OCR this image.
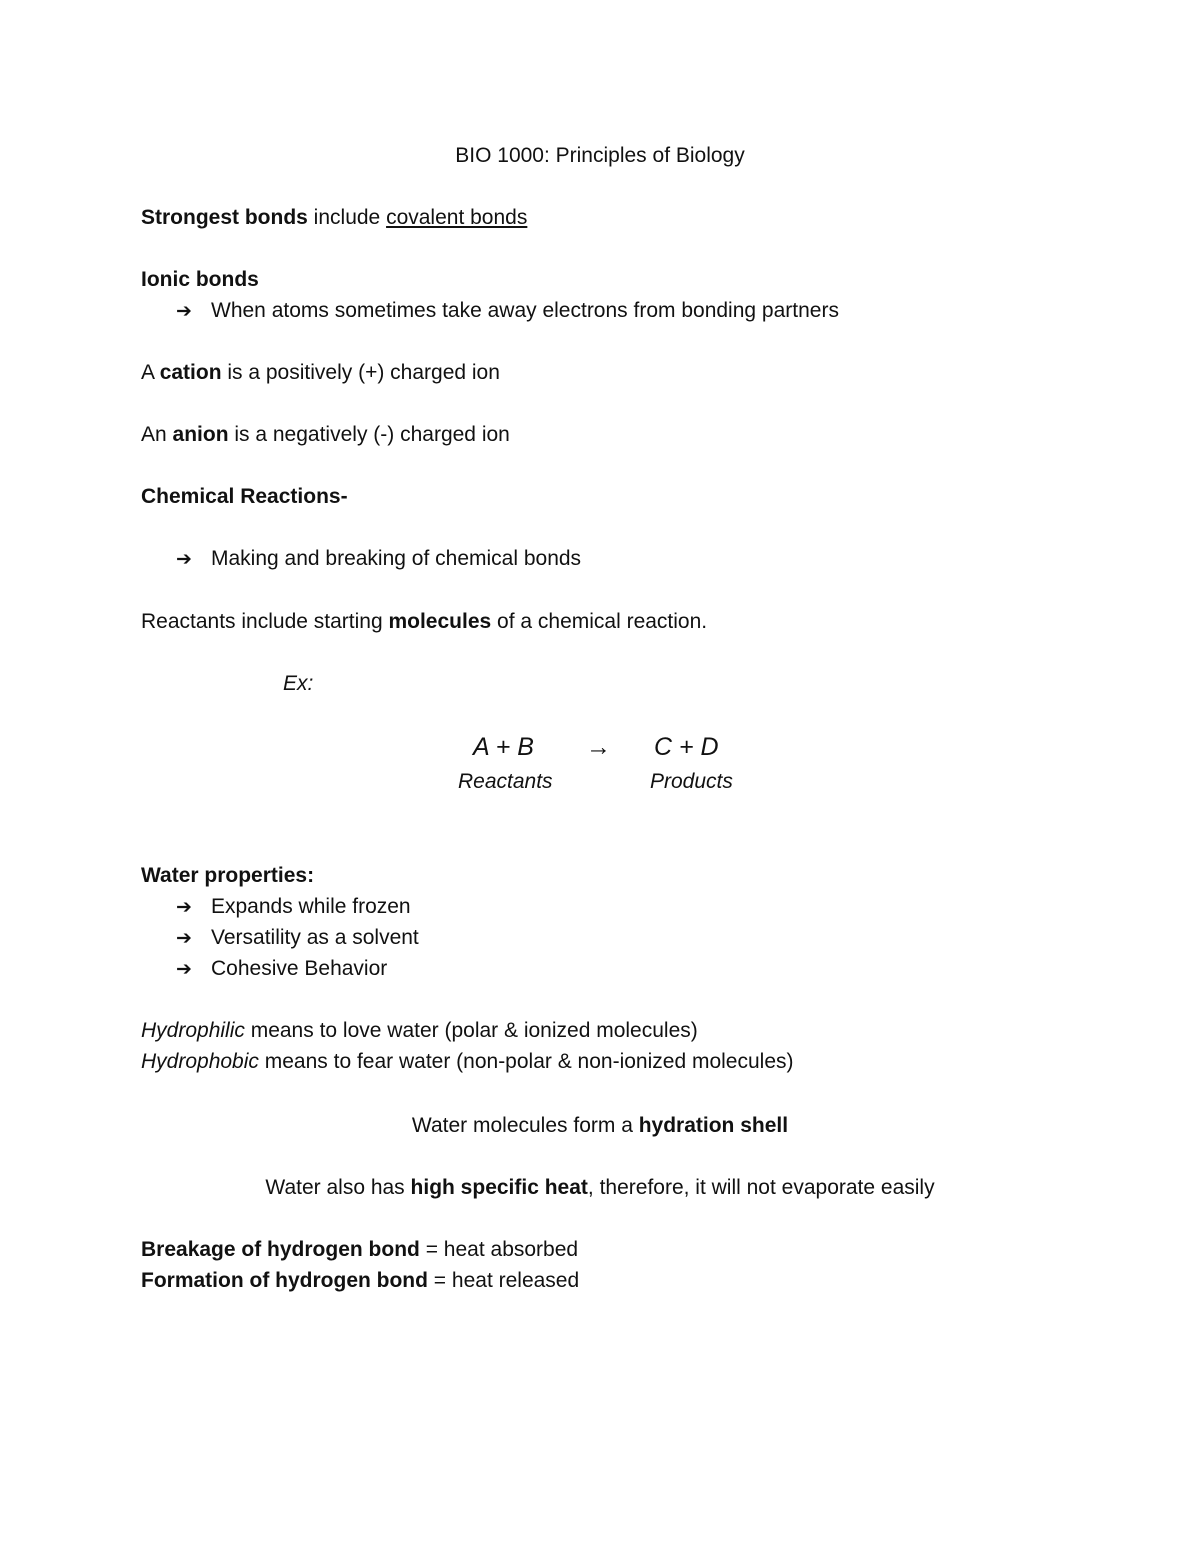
BIO 1000: Principles of Biology
Strongest bonds include covalent bonds
Ionic bonds
➔ When atoms sometimes take away electrons from bonding partners
A cation is a positively (+) charged ion
An anion is a negatively (-) charged ion
Chemical Reactions-
➔ Making and breaking of chemical bonds
Reactants include starting molecules of a chemical reaction.
Ex:
A + B → C + D
Reactants	Products
Water properties:
➔ Expands while frozen
➔ Versatility as a solvent
➔ Cohesive Behavior
Hydrophilic means to love water (polar & ionized molecules)
Hydrophobic means to fear water (non-polar & non-ionized molecules)
Water molecules form a hydration shell
Water also has high specific heat, therefore, it will not evaporate easily
Breakage of hydrogen bond = heat absorbed
Formation of hydrogen bond = heat released
